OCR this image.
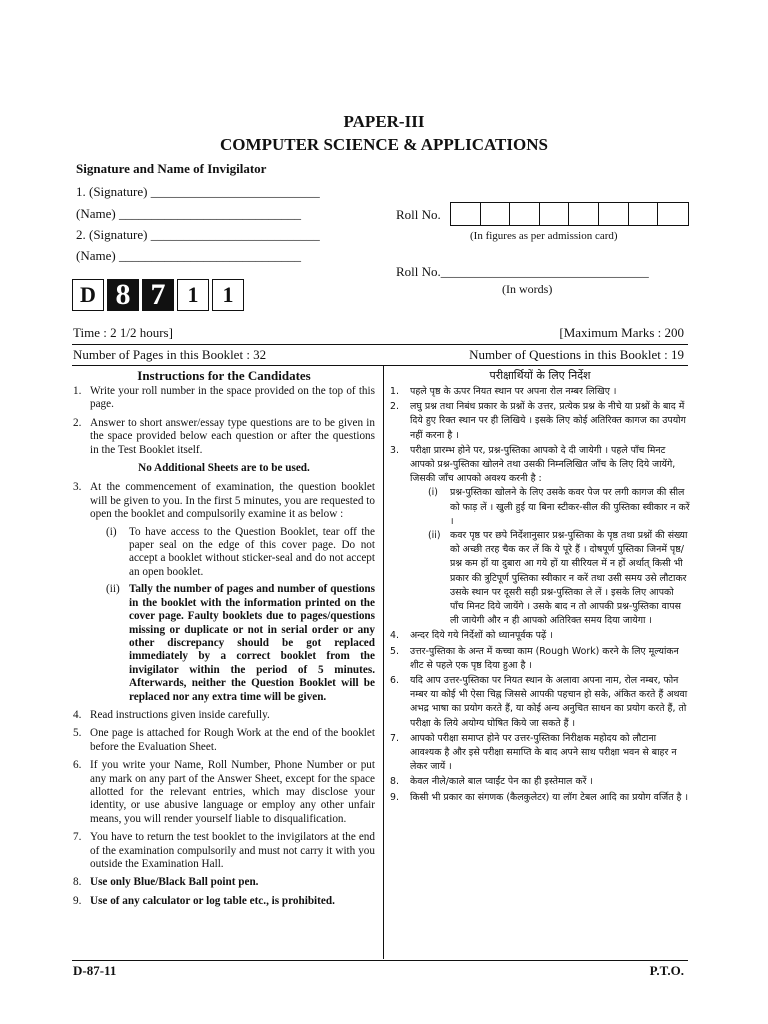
PAPER-III
COMPUTER SCIENCE & APPLICATIONS
Signature and Name of Invigilator
1. (Signature) __________________________
(Name) ____________________________
2. (Signature) __________________________
(Name) ____________________________
Roll No.
(In figures as per admission card)
Roll No.________________________________
(In words)
D 8 7	1	1
Time : 2 1/2 hours]	[Maximum Marks : 200
Number of Pages in this Booklet : 32	Number of Questions in this Booklet : 19
Instructions for the Candidates	परीक्षार्थियों के लिए निर्देश
1. Write your roll number in the space provided on the top of this page.
2. Answer to short answer/essay type questions are to be given in the space provided below each question or after the questions in the Test Booklet itself.
No Additional Sheets are to be used.
3. At the commencement of examination, the question booklet will be given to you. In the first 5 minutes, you are requested to open the booklet and compulsorily examine it as below :
(i) To have access to the Question Booklet, tear off the paper seal on the edge of this cover page. Do not accept a booklet without sticker-seal and do not accept an open booklet.
(ii) Tally the number of pages and number of questions in the booklet with the information printed on the cover page. Faulty booklets due to pages/questions missing or duplicate or not in serial order or any other discrepancy should be got replaced immediately by a correct booklet from the invigilator within the period of 5 minutes. Afterwards, neither the Question Booklet will be replaced nor any extra time will be given.
4. Read instructions given inside carefully.
5. One page is attached for Rough Work at the end of the booklet before the Evaluation Sheet.
6. If you write your Name, Roll Number, Phone Number or put any mark on any part of the Answer Sheet, except for the space allotted for the relevant entries, which may disclose your identity, or use abusive language or employ any other unfair means, you will render yourself liable to disqualification.
7. You have to return the test booklet to the invigilators at the end of the examination compulsorily and must not carry it with you outside the Examination Hall.
8. Use only Blue/Black Ball point pen.
9. Use of any calculator or log table etc., is prohibited.
1. पहले पृष्ठ के ऊपर नियत स्थान पर अपना रोल नम्बर लिखिए ।
2. लघु प्रश्न तथा निबंध प्रकार के प्रश्नों के उत्तर, प्रत्येक प्रश्न के नीचे या प्रश्नों के बाद में दिये हुए रिक्त स्थान पर ही लिखिये । इसके लिए कोई अतिरिक्त कागज का उपयोग नहीं करना है ।
3. परीक्षा प्रारम्भ होने पर, प्रश्न-पुस्तिका आपको दे दी जायेगी । पहले पाँच मिनट आपको प्रश्न-पुस्तिका खोलने तथा उसकी निम्नलिखित जाँच के लिए दिये जायेंगे, जिसकी जाँच आपको अवश्य करनी है :
(i) प्रश्न-पुस्तिका खोलने के लिए उसके कवर पेज पर लगी कागज की सील को फाड़ लें । खुली हुई या बिना स्टीकर-सील की पुस्तिका स्वीकार न करें ।
(ii) कवर पृष्ठ पर छपे निर्देशानुसार प्रश्न-पुस्तिका के पृष्ठ तथा प्रश्नों की संख्या को अच्छी तरह चैक कर लें कि ये पूरे हैं । दोषपूर्ण पुस्तिका जिनमें पृष्ठ/प्रश्न कम हों या दुबारा आ गये हों या सीरियल में न हों अर्थात् किसी भी प्रकार की त्रुटिपूर्ण पुस्तिका स्वीकार न करें तथा उसी समय उसे लौटाकर उसके स्थान पर दूसरी सही प्रश्न-पुस्तिका ले लें । इसके लिए आपको पाँच मिनट दिये जायेंगे । उसके बाद न तो आपकी प्रश्न-पुस्तिका वापस ली जायेगी और न ही आपको अतिरिक्त समय दिया जायेगा ।
4. अन्दर दिये गये निर्देशों को ध्यानपूर्वक पढ़ें ।
5. उत्तर-पुस्तिका के अन्त में कच्चा काम (Rough Work) करने के लिए मूल्यांकन शीट से पहले एक पृष्ठ दिया हुआ है ।
6. यदि आप उत्तर-पुस्तिका पर नियत स्थान के अलावा अपना नाम, रोल नम्बर, फोन नम्बर या कोई भी ऐसा चिह्न जिससे आपकी पहचान हो सके, अंकित करते हैं अथवा अभद्र भाषा का प्रयोग करते हैं, या कोई अन्य अनुचित साधन का प्रयोग करते हैं, तो परीक्षा के लिये अयोग्य घोषित किये जा सकते हैं ।
7. आपको परीक्षा समाप्त होने पर उत्तर-पुस्तिका निरीक्षक महोदय को लौटाना आवश्यक है और इसे परीक्षा समाप्ति के बाद अपने साथ परीक्षा भवन से बाहर न लेकर जायें ।
8. केवल नीले/काले बाल प्वाईंट पेन का ही इस्तेमाल करें ।
9. किसी भी प्रकार का संगणक (कैलकुलेटर) या लॉग टेबल आदि का प्रयोग वर्जित है ।
D-87-11	P.T.O.
